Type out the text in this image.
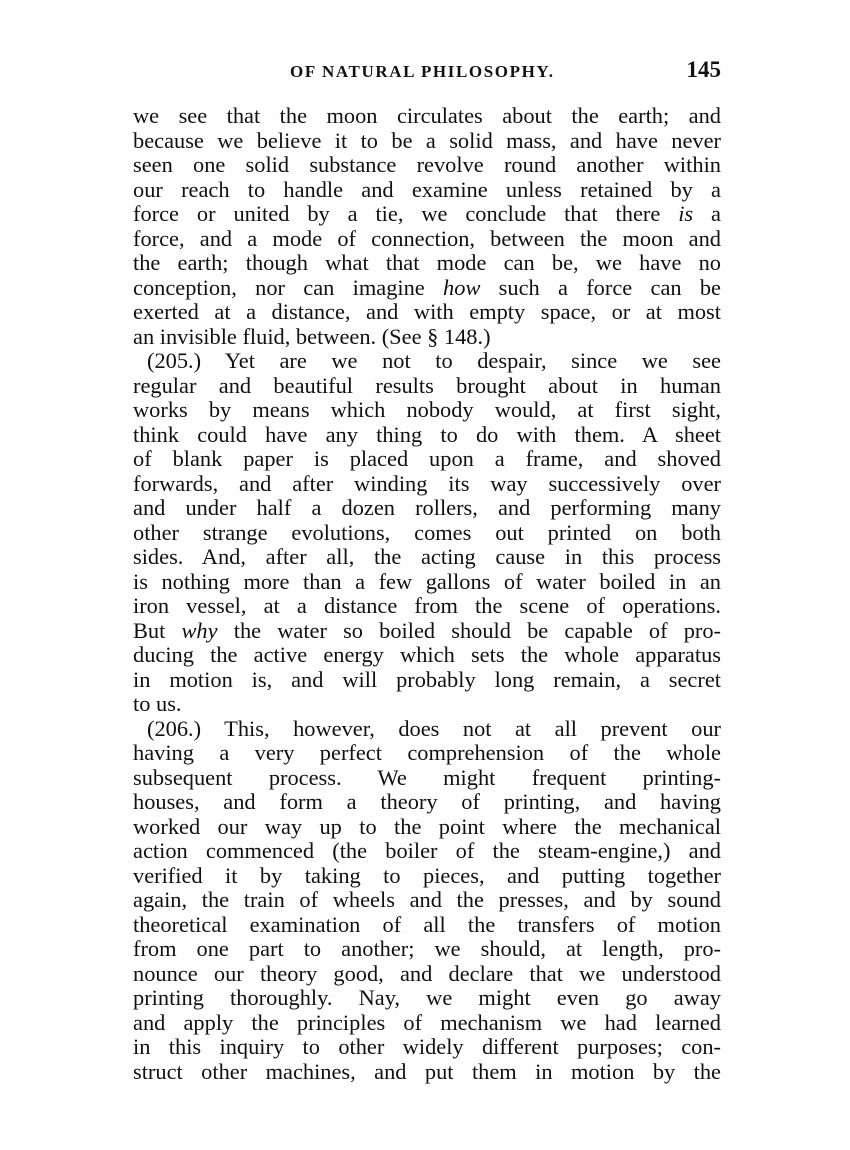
OF NATURAL PHILOSOPHY.	145
we see that the moon circulates about the earth; and
because we believe it to be a solid mass, and have never
seen one solid substance revolve round another within
our reach to handle and examine unless retained by a
force or united by a tie, we conclude that there is a
force, and a mode of connection, between the moon and
the earth; though what that mode can be, we have no
conception, nor can imagine how such a force can be
exerted at a distance, and with empty space, or at most
an invisible fluid, between. (See § 148.)
(205.) Yet are we not to despair, since we see
regular and beautiful results brought about in human
works by means which nobody would, at first sight,
think could have any thing to do with them. A sheet
of blank paper is placed upon a frame, and shoved
forwards, and after winding its way successively over
and under half a dozen rollers, and performing many
other strange evolutions, comes out printed on both
sides. And, after all, the acting cause in this process
is nothing more than a few gallons of water boiled in an
iron vessel, at a distance from the scene of operations.
But why the water so boiled should be capable of pro-
ducing the active energy which sets the whole apparatus
in motion is, and will probably long remain, a secret
to us.
(206.) This, however, does not at all prevent our
having a very perfect comprehension of the whole
subsequent process. We might frequent printing-
houses, and form a theory of printing, and having
worked our way up to the point where the mechanical
action commenced (the boiler of the steam-engine,) and
verified it by taking to pieces, and putting together
again, the train of wheels and the presses, and by sound
theoretical examination of all the transfers of motion
from one part to another; we should, at length, pro-
nounce our theory good, and declare that we understood
printing thoroughly. Nay, we might even go away
and apply the principles of mechanism we had learned
in this inquiry to other widely different purposes; con-
struct other machines, and put them in motion by the
